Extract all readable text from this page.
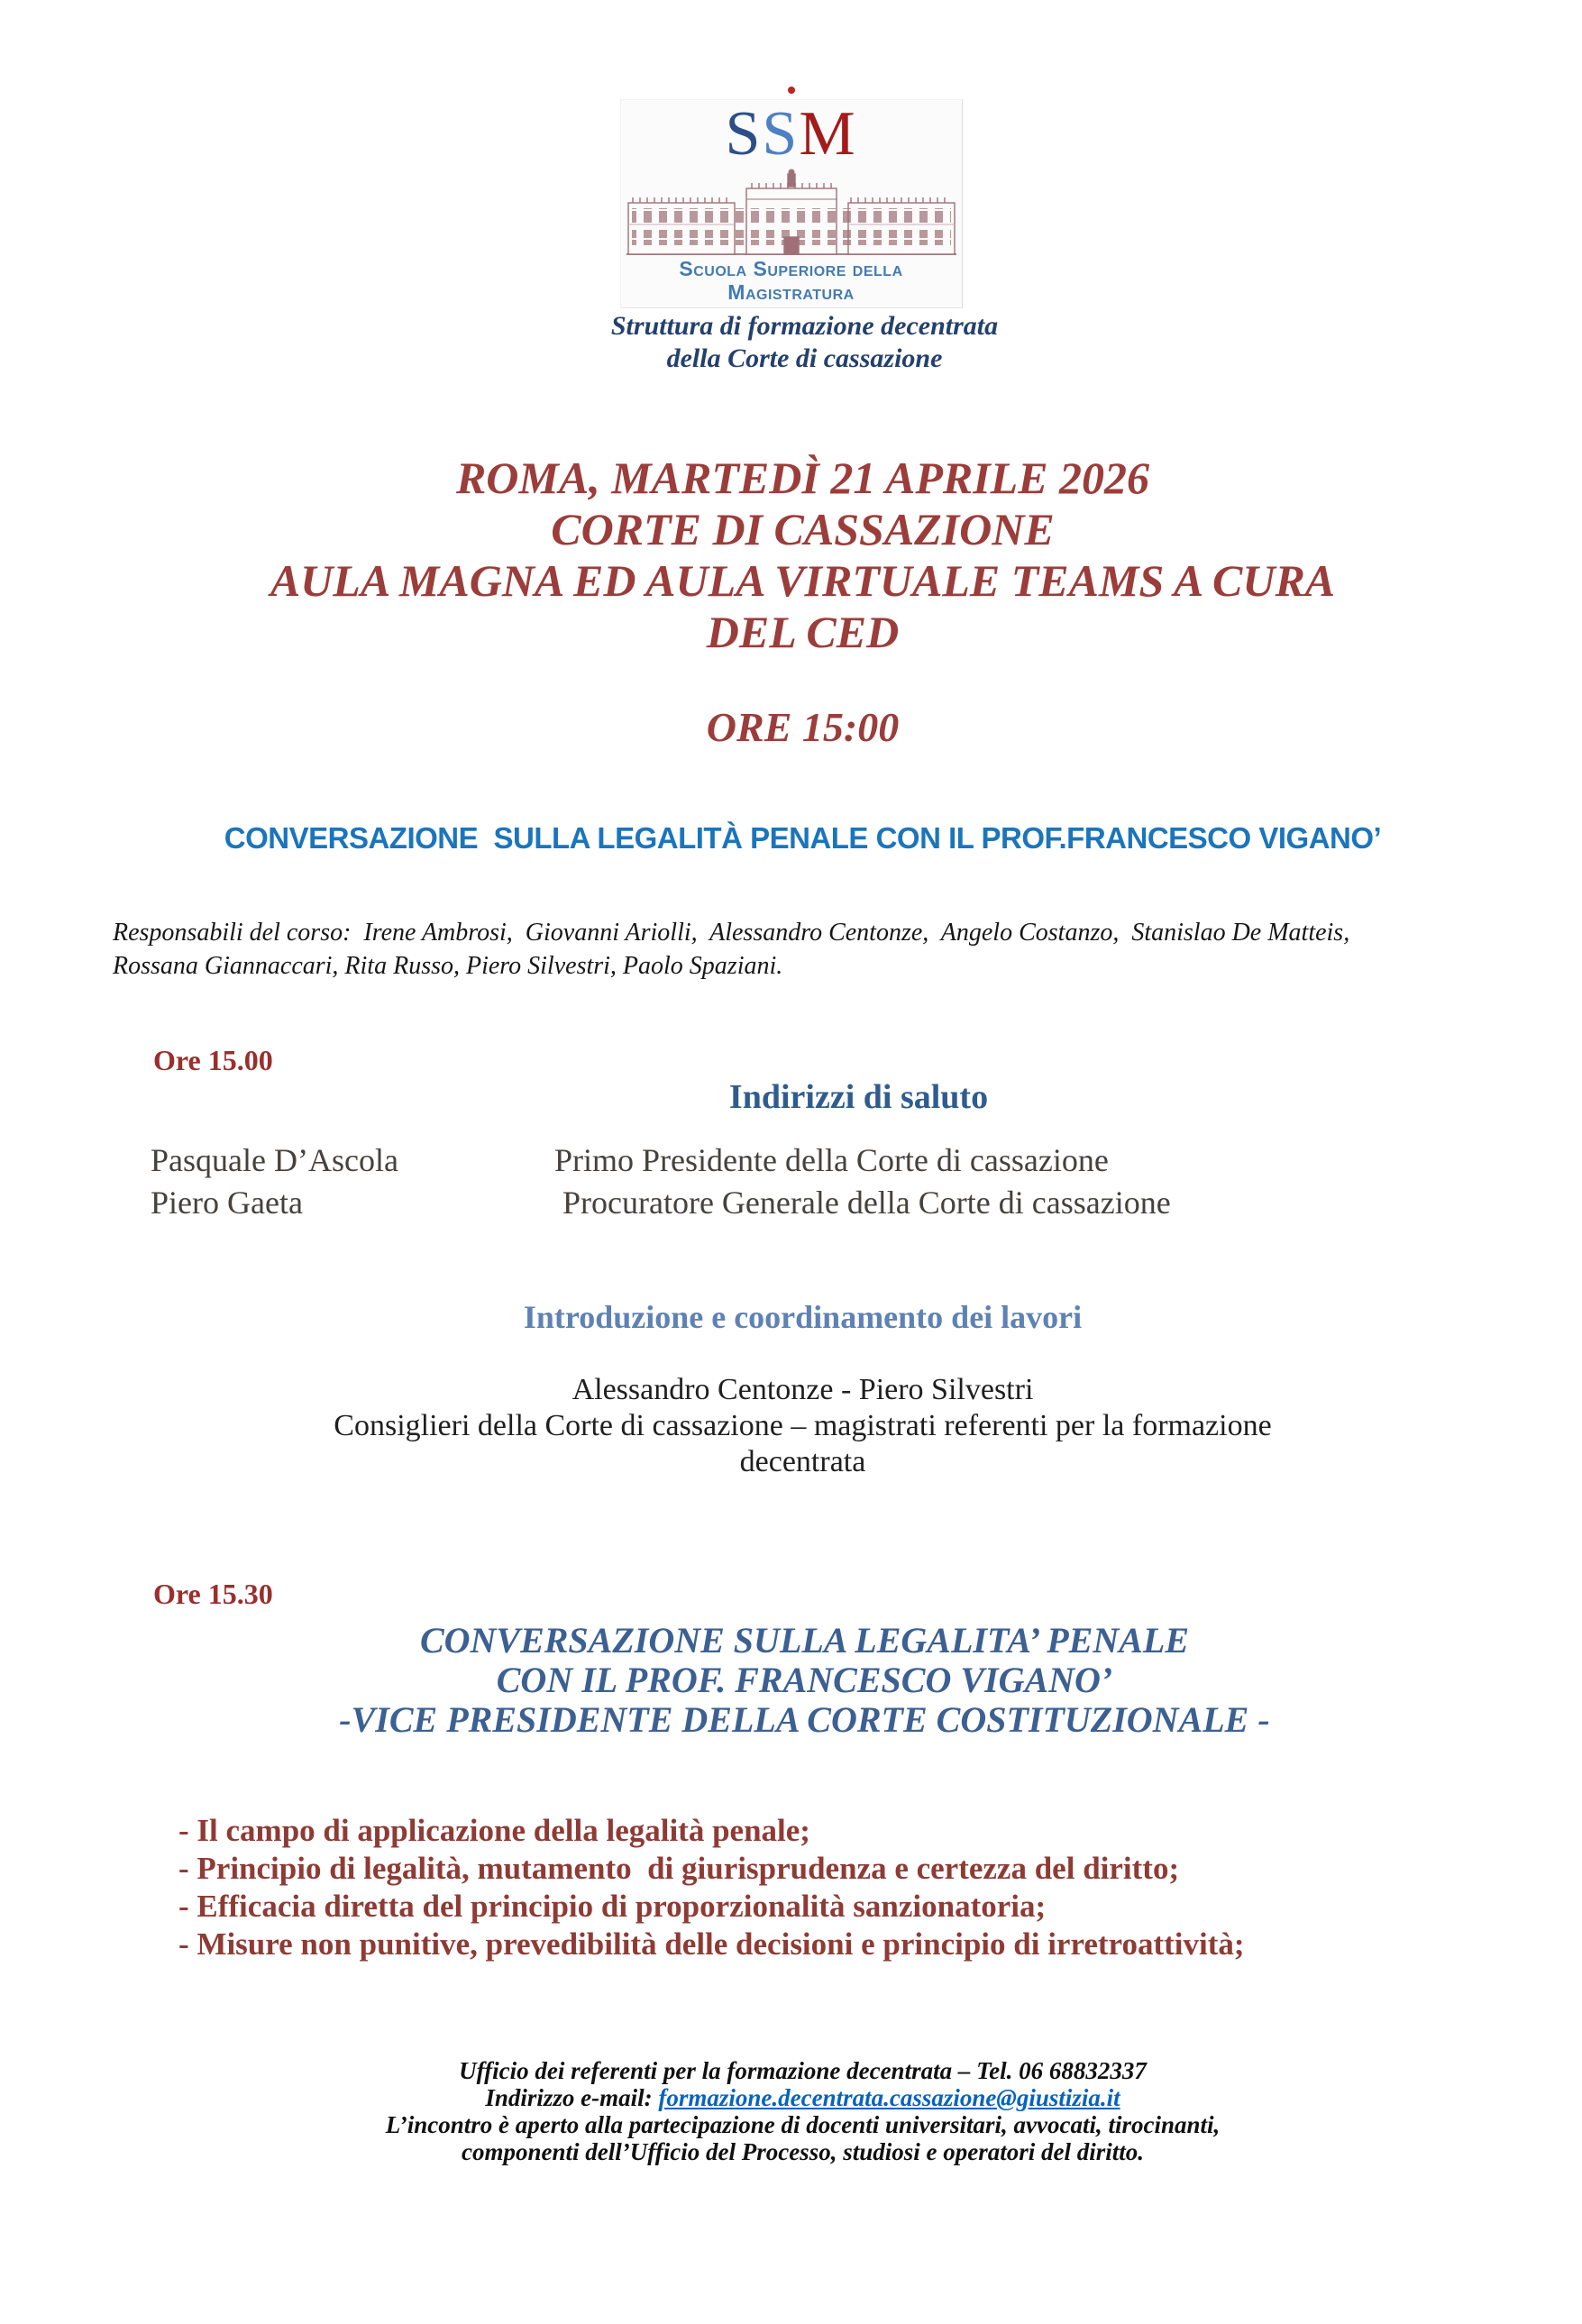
SSM
Scuola Superiore della Magistratura
Struttura di formazione decentrata
della Corte di cassazione
ROMA, MARTEDÌ 21 APRILE 2026
CORTE DI CASSAZIONE
AULA MAGNA ED AULA VIRTUALE TEAMS A CURA
DEL CED
ORE 15:00
CONVERSAZIONE  SULLA LEGALITÀ PENALE CON IL PROF.FRANCESCO VIGANO’
Responsabili del corso:  Irene Ambrosi,  Giovanni Ariolli,  Alessandro Centonze,  Angelo Costanzo,  Stanislao De Matteis,
Rossana Giannaccari, Rita Russo, Piero Silvestri, Paolo Spaziani.
Ore 15.00
Indirizzi di saluto
Pasquale D’Ascola	Primo Presidente della Corte di cassazione
Piero Gaeta	Procuratore Generale della Corte di cassazione
Introduzione e coordinamento dei lavori
Alessandro Centonze - Piero Silvestri
Consiglieri della Corte di cassazione – magistrati referenti per la formazione
decentrata
Ore 15.30
CONVERSAZIONE SULLA LEGALITA’ PENALE
CON IL PROF. FRANCESCO VIGANO’
-VICE PRESIDENTE DELLA CORTE COSTITUZIONALE -
- Il campo di applicazione della legalità penale;
- Principio di legalità, mutamento  di giurisprudenza e certezza del diritto;
- Efficacia diretta del principio di proporzionalità sanzionatoria;
- Misure non punitive, prevedibilità delle decisioni e principio di irretroattività;
Ufficio dei referenti per la formazione decentrata – Tel. 06 68832337
Indirizzo e-mail: formazione.decentrata.cassazione@giustizia.it
L’incontro è aperto alla partecipazione di docenti universitari, avvocati, tirocinanti,
componenti dell’Ufficio del Processo, studiosi e operatori del diritto.
